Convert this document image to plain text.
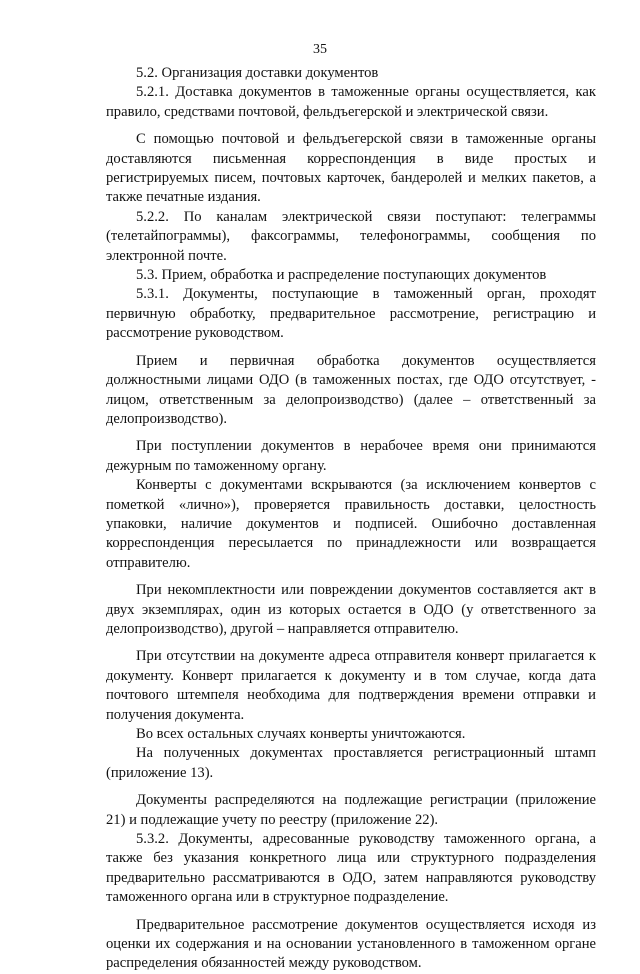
35

5.2. Организация доставки документов

5.2.1. Доставка документов в таможенные органы осуществляется, как правило, средствами почтовой, фельдъегерской и электрической связи.

С помощью почтовой и фельдъегерской связи в таможенные органы доставляются письменная корреспонденция в виде простых и регистрируемых писем, почтовых карточек, бандеролей и мелких пакетов, а также печатные издания.

5.2.2. По каналам электрической связи поступают: телеграммы (телетайпограммы), факсограммы, телефонограммы, сообщения по электронной почте.

5.3. Прием, обработка и распределение поступающих документов

5.3.1. Документы, поступающие в таможенный орган, проходят первичную обработку, предварительное рассмотрение, регистрацию и рассмотрение руководством.

Прием и первичная обработка документов осуществляется должностными лицами ОДО (в таможенных постах, где ОДО отсутствует, - лицом, ответственным за делопроизводство) (далее – ответственный за делопроизводство).

При поступлении документов в нерабочее время они принимаются дежурным по таможенному органу.

Конверты с документами вскрываются (за исключением конвертов с пометкой «лично»), проверяется правильность доставки, целостность упаковки, наличие документов и подписей. Ошибочно доставленная корреспонденция пересылается по принадлежности или возвращается отправителю.

При некомплектности или повреждении документов составляется акт в двух экземплярах, один из которых остается в ОДО (у ответственного за делопроизводство), другой – направляется отправителю.

При отсутствии на документе адреса отправителя конверт прилагается к документу. Конверт прилагается к документу и в том случае, когда дата почтового штемпеля необходима для подтверждения времени отправки и получения документа.

Во всех остальных случаях конверты уничтожаются.

На полученных документах проставляется регистрационный штамп (приложение 13).

Документы распределяются на подлежащие регистрации (приложение 21) и подлежащие учету по реестру (приложение 22).

5.3.2. Документы, адресованные руководству таможенного органа, а также без указания конкретного лица или структурного подразделения предварительно рассматриваются в ОДО, затем направляются руководству таможенного органа или в структурное подразделение.

Предварительное рассмотрение документов осуществляется исходя из оценки их содержания и на основании установленного в таможенном органе распределения обязанностей между руководством.
